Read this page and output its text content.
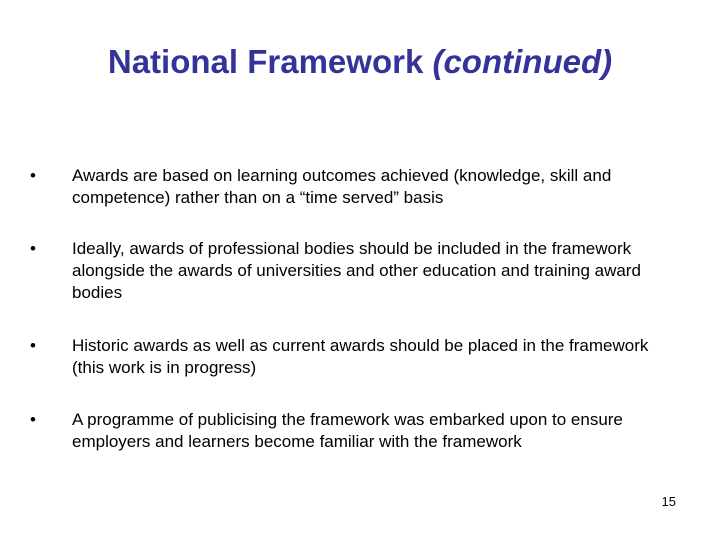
National Framework (continued)
• Awards are based on learning outcomes achieved (knowledge, skill and competence) rather than on a “time served” basis
• Ideally, awards of professional bodies should be included in the framework alongside the awards of universities and other education and training award bodies
• Historic awards as well as current awards should be placed in the framework (this work is in progress)
• A programme of publicising the framework was embarked upon to ensure employers and learners become familiar with the framework
15
